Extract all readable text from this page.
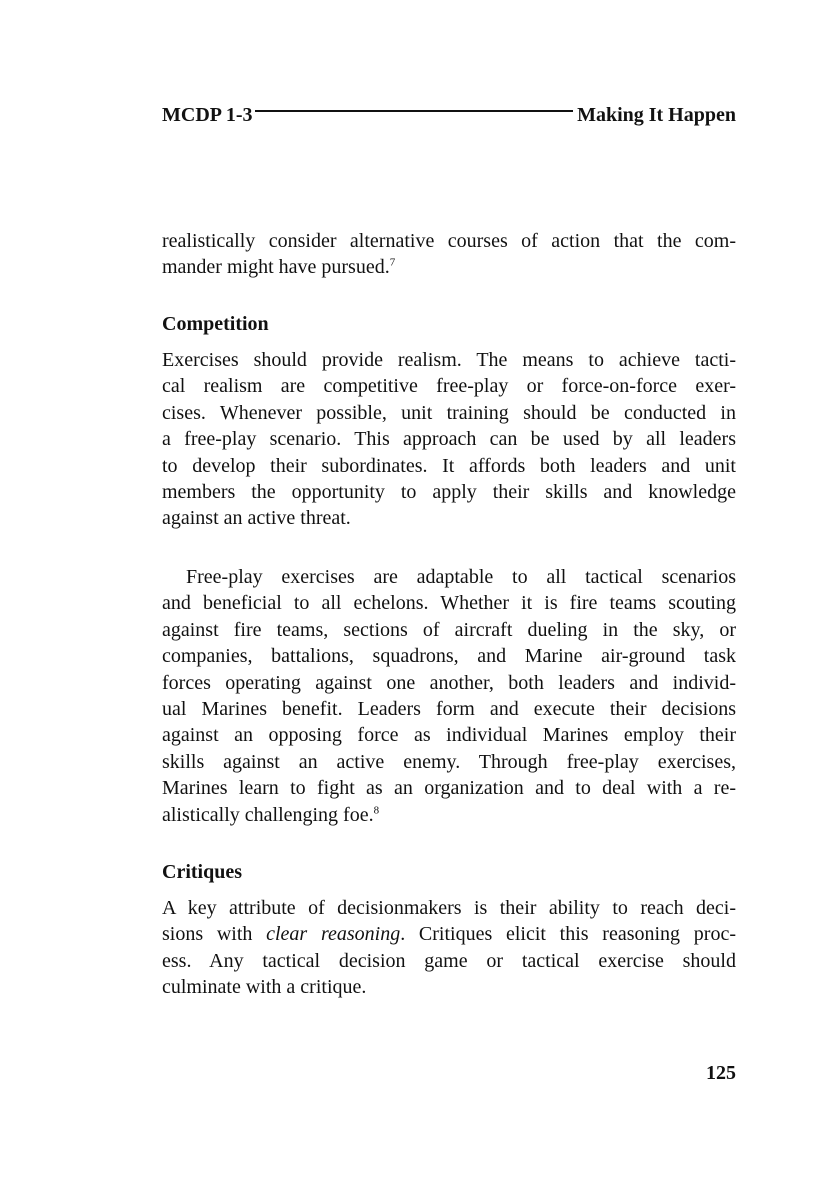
MCDP 1-3	Making It Happen

realistically consider alternative courses of action that the com-
mander might have pursued.$^7$

Competition

Exercises should provide realism. The means to achieve tacti-
cal realism are competitive free-play or force-on-force exer-
cises. Whenever possible, unit training should be conducted in
a free-play scenario. This approach can be used by all leaders
to develop their subordinates. It affords both leaders and unit
members the opportunity to apply their skills and knowledge
against an active threat.

Free-play exercises are adaptable to all tactical scenarios
and beneficial to all echelons. Whether it is fire teams scouting
against fire teams, sections of aircraft dueling in the sky, or
companies, battalions, squadrons, and Marine air-ground task
forces operating against one another, both leaders and individ-
ual Marines benefit. Leaders form and execute their decisions
against an opposing force as individual Marines employ their
skills against an active enemy. Through free-play exercises,
Marines learn to fight as an organization and to deal with a re-
alistically challenging foe.$^8$

Critiques

A key attribute of decisionmakers is their ability to reach deci-
sions with clear reasoning. Critiques elicit this reasoning proc-
ess. Any tactical decision game or tactical exercise should
culminate with a critique.

125
